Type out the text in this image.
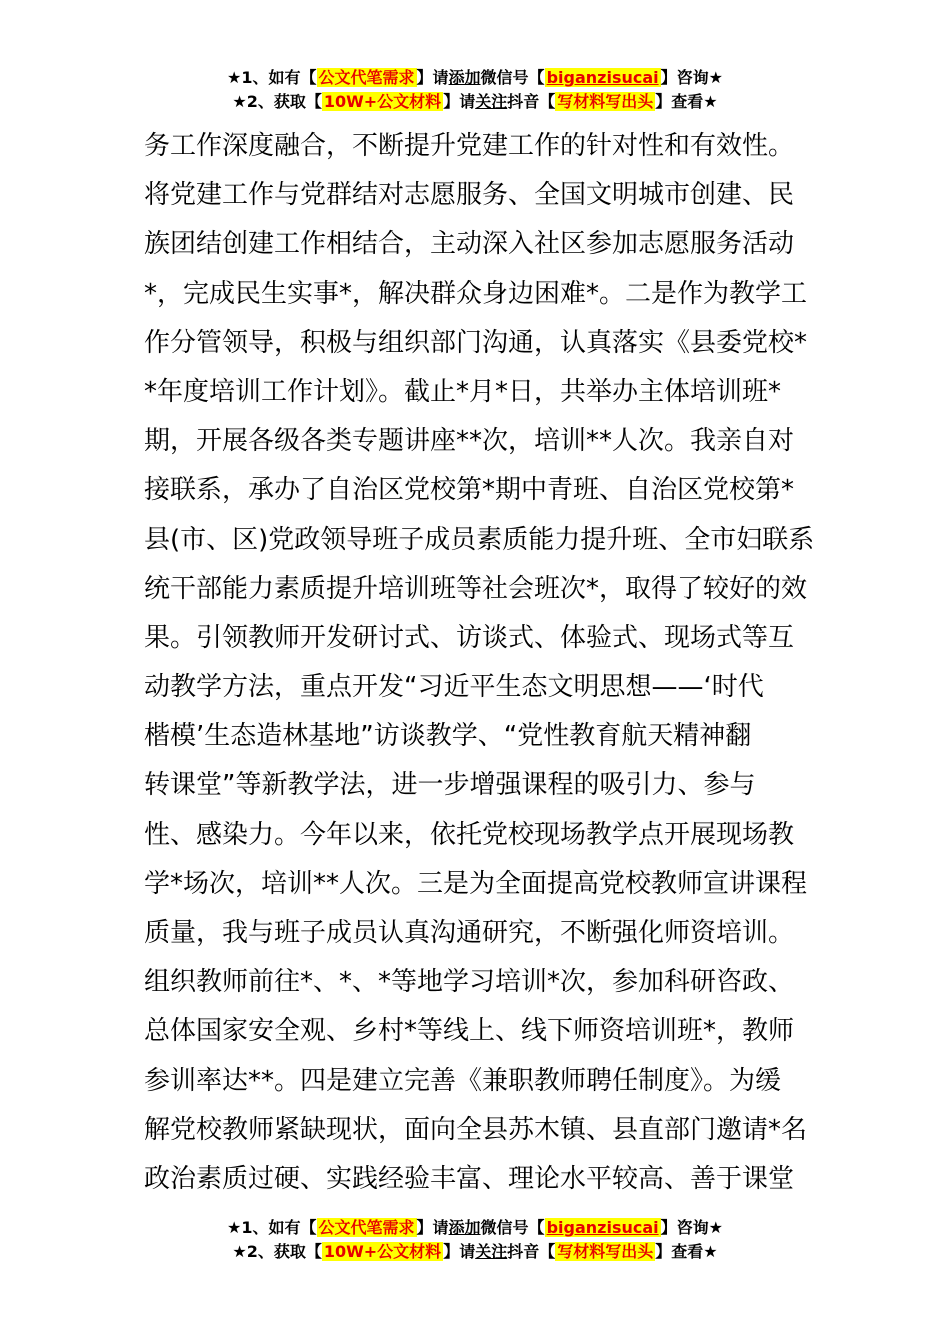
★1、如有【 公文代笔需求 】请添加微信号【 biganzisucai 】咨询★
★2、获取【 10W+公文材料 】请关注抖音【 写材料写出头 】查看★
务工作深度融合，不断提升党建工作的针对性和有效性。
将党建工作与党群结对志愿服务、全国文明城市创建、民
族团结创建工作相结合，主动深入社区参加志愿服务活动
*，完成民生实事*，解决群众身边困难*。二是作为教学工
作分管领导，积极与组织部门沟通，认真落实《县委党校*
*年度培训工作计划》。截止*月*日，共举办主体培训班*
期，开展各级各类专题讲座**次，培训**人次。我亲自对
接联系，承办了自治区党校第*期中青班、自治区党校第*
县(市、区)党政领导班子成员素质能力提升班、全市妇联系
统干部能力素质提升培训班等社会班次*，取得了较好的效
果。引领教师开发研讨式、访谈式、体验式、现场式等互
动教学方法，重点开发“习近平生态文明思想——‘时代
楷模’生态造林基地”访谈教学、“党性教育航天精神翻
转课堂”等新教学法，进一步增强课程的吸引力、参与
性、感染力。今年以来，依托党校现场教学点开展现场教
学*场次，培训**人次。三是为全面提高党校教师宣讲课程
质量，我与班子成员认真沟通研究，不断强化师资培训。
组织教师前往*、*、*等地学习培训*次，参加科研咨政、
总体国家安全观、乡村*等线上、线下师资培训班*，教师
参训率达**。四是建立完善《兼职教师聘任制度》。为缓
解党校教师紧缺现状，面向全县苏木镇、县直部门邀请*名
政治素质过硬、实践经验丰富、理论水平较高、善于课堂
★1、如有【 公文代笔需求 】请添加微信号【 biganzisucai 】咨询★
★2、获取【 10W+公文材料 】请关注抖音【 写材料写出头 】查看★
